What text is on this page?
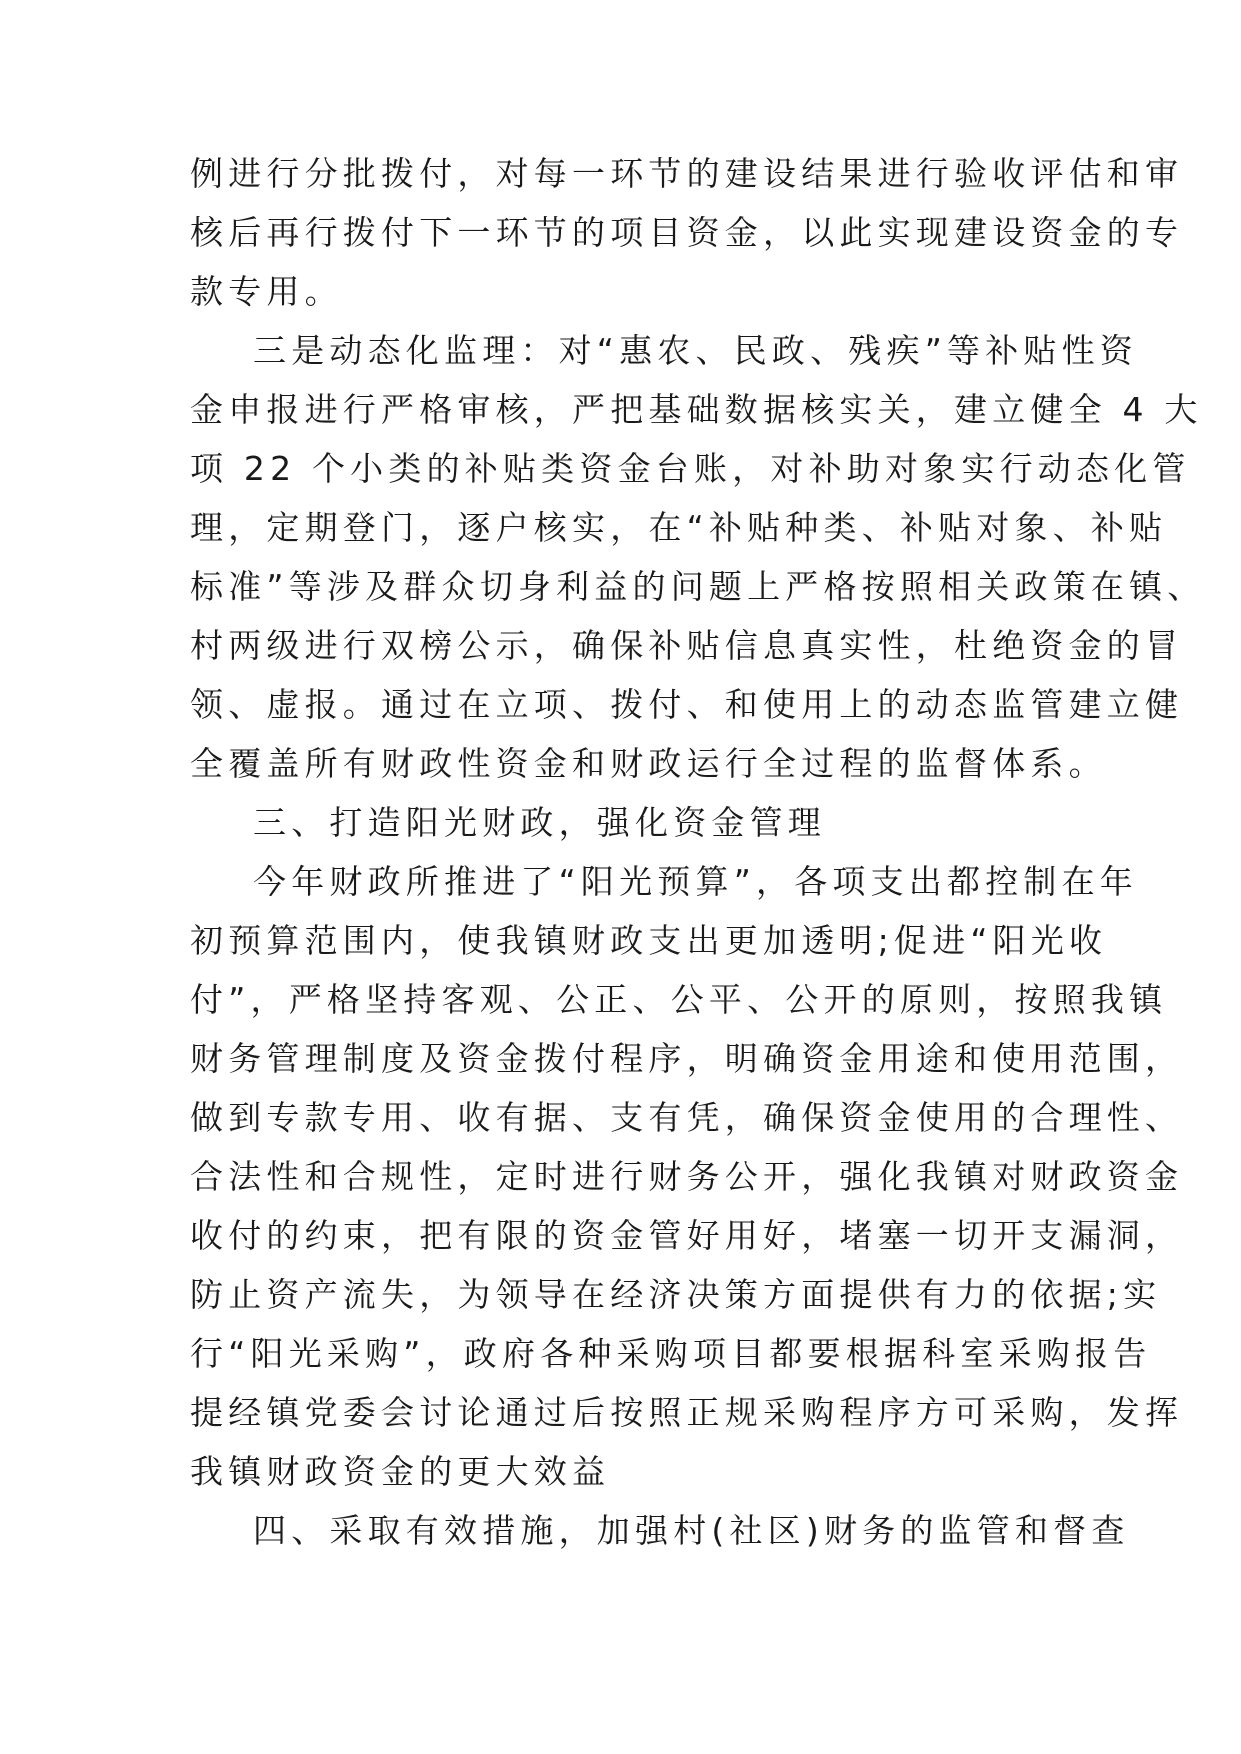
例进行分批拨付，对每一环节的建设结果进行验收评估和审
核后再行拨付下一环节的项目资金，以此实现建设资金的专
款专用。
三是动态化监理：对“惠农、民政、残疾”等补贴性资
金申报进行严格审核，严把基础数据核实关，建立健全 4 大
项 22 个小类的补贴类资金台账，对补助对象实行动态化管
理，定期登门，逐户核实，在“补贴种类、补贴对象、补贴
标准”等涉及群众切身利益的问题上严格按照相关政策在镇、
村两级进行双榜公示，确保补贴信息真实性，杜绝资金的冒
领、虚报。通过在立项、拨付、和使用上的动态监管建立健
全覆盖所有财政性资金和财政运行全过程的监督体系。
三、打造阳光财政，强化资金管理
今年财政所推进了“阳光预算”，各项支出都控制在年
初预算范围内，使我镇财政支出更加透明;促进“阳光收
付”，严格坚持客观、公正、公平、公开的原则，按照我镇
财务管理制度及资金拨付程序，明确资金用途和使用范围，
做到专款专用、收有据、支有凭，确保资金使用的合理性、
合法性和合规性，定时进行财务公开，强化我镇对财政资金
收付的约束，把有限的资金管好用好，堵塞一切开支漏洞，
防止资产流失，为领导在经济决策方面提供有力的依据;实
行“阳光采购”，政府各种采购项目都要根据科室采购报告
提经镇党委会讨论通过后按照正规采购程序方可采购，发挥
我镇财政资金的更大效益
四、采取有效措施，加强村(社区)财务的监管和督查
